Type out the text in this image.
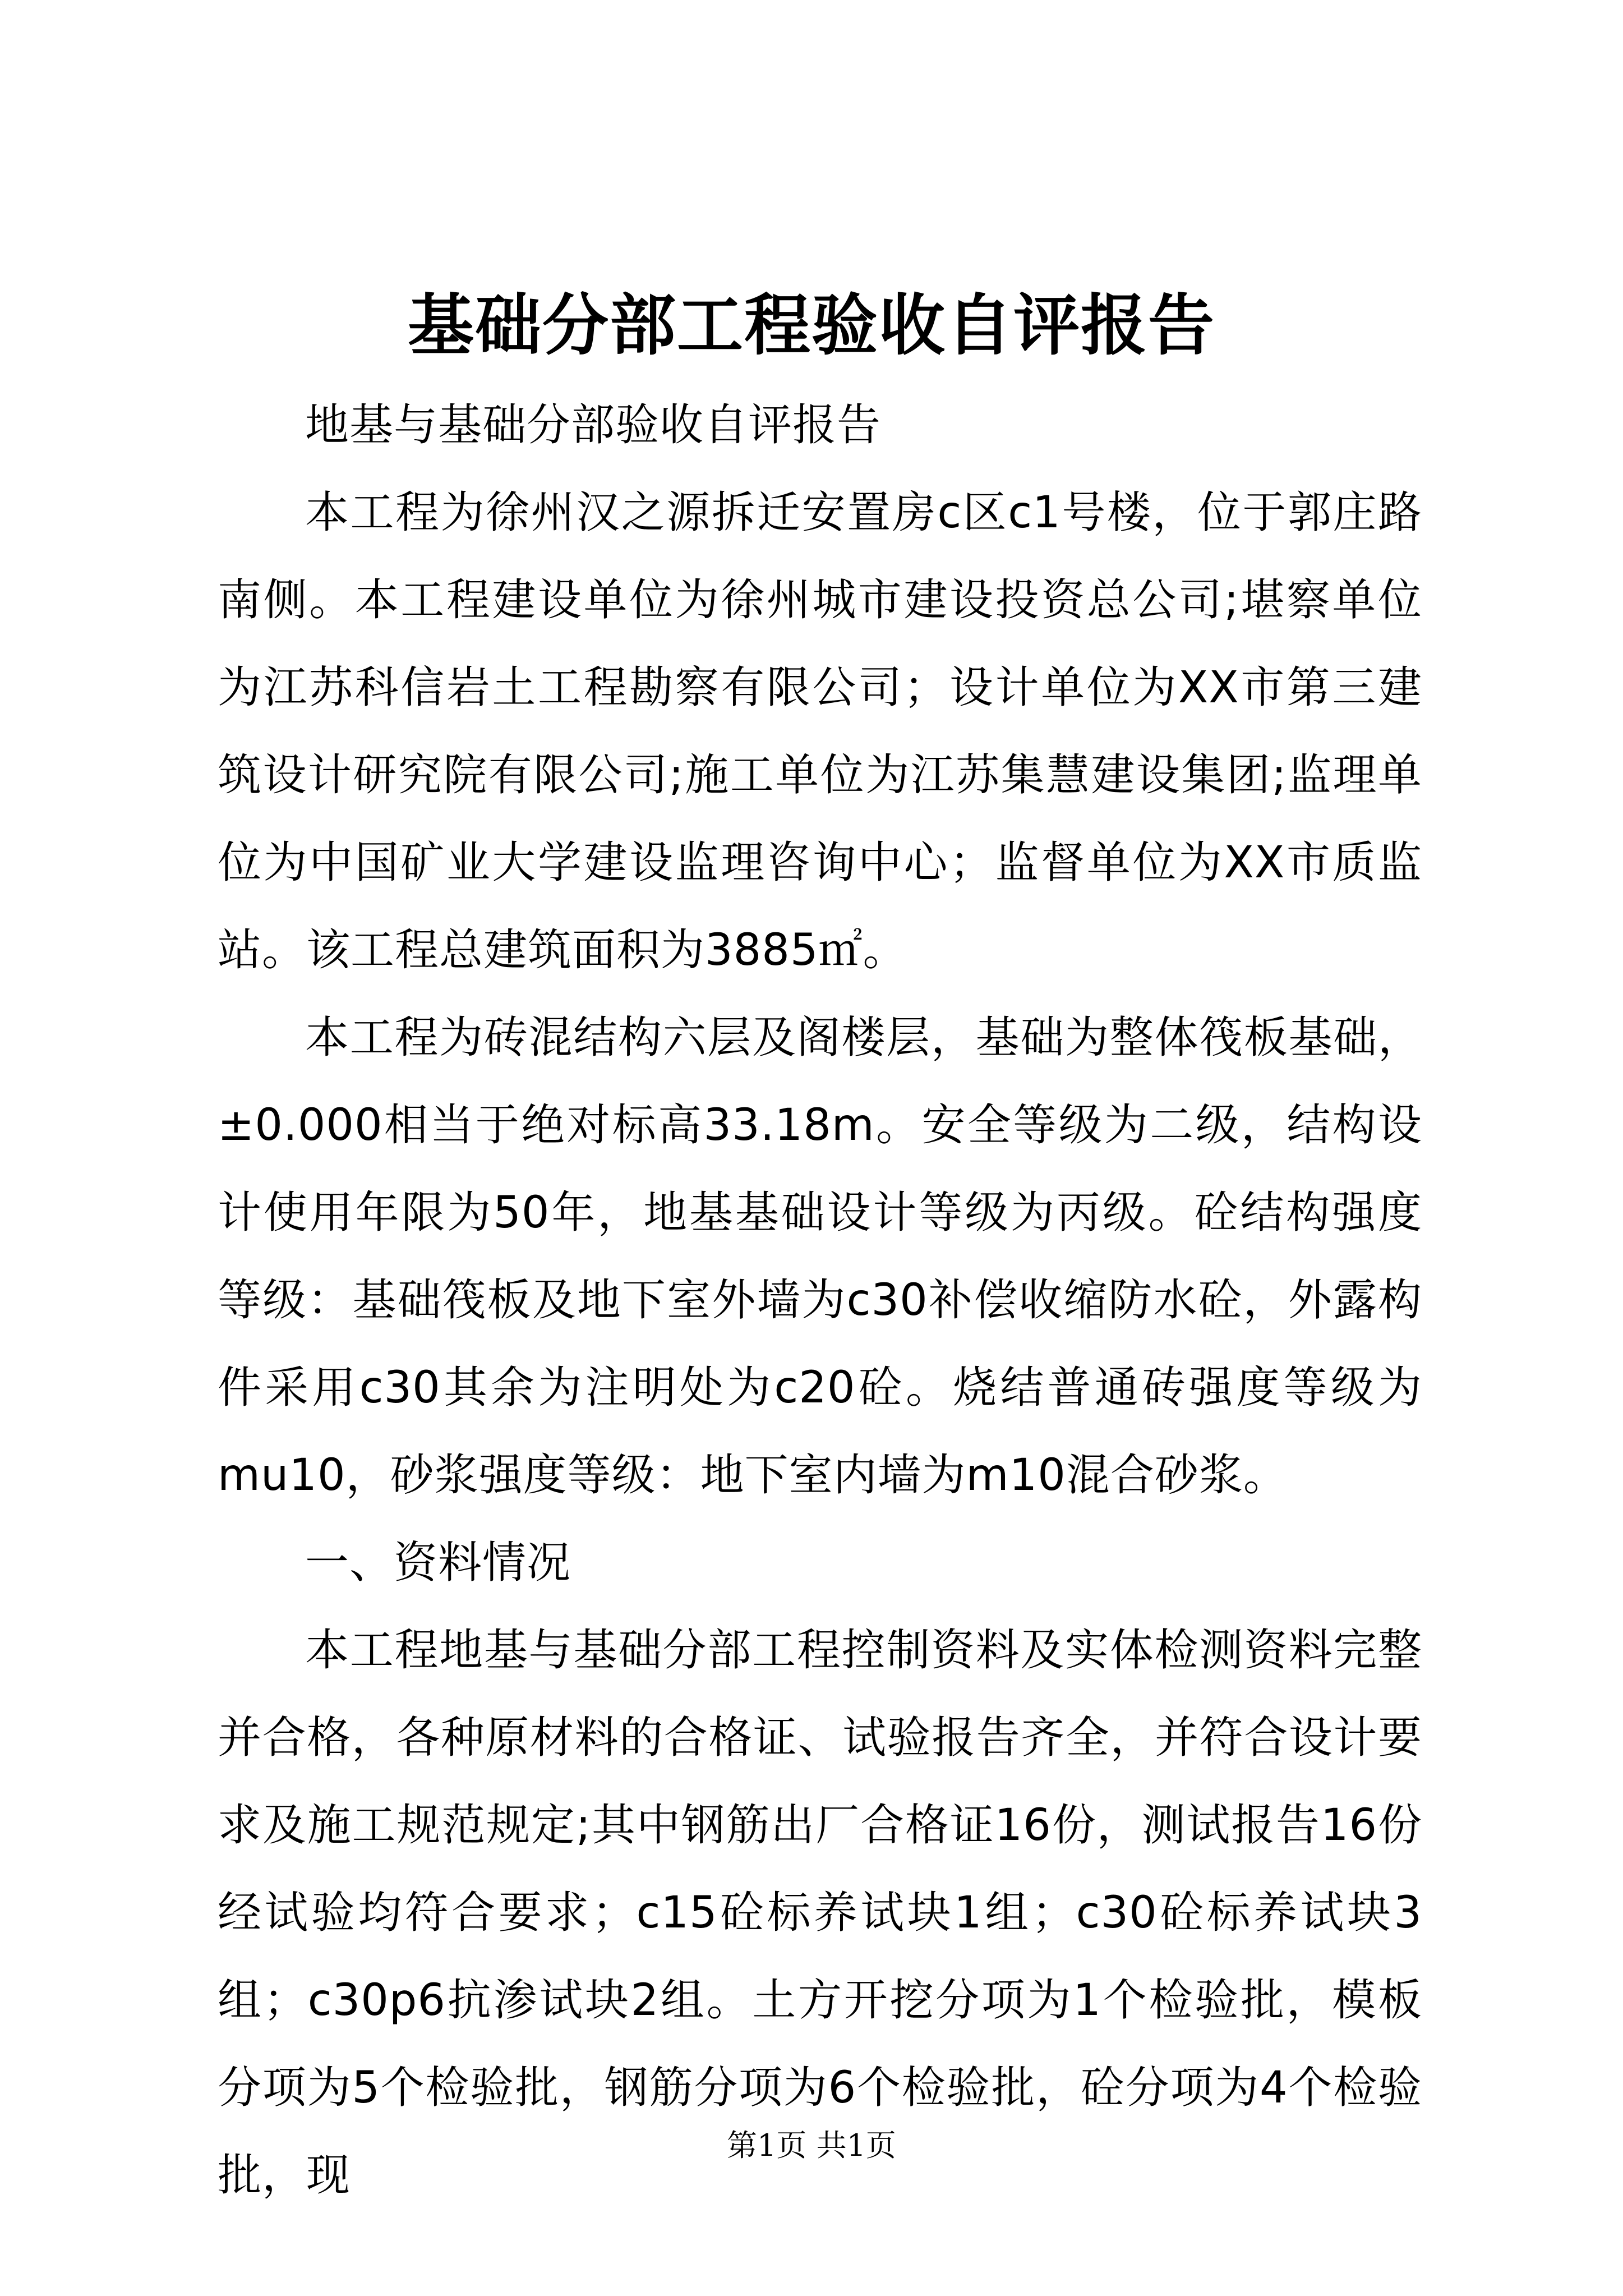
基础分部工程验收自评报告

地基与基础分部验收自评报告

本工程为徐州汉之源拆迁安置房c区c1号楼，位于郭庄路南侧。本工程建设单位为徐州城市建设投资总公司;堪察单位为江苏科信岩土工程勘察有限公司；设计单位为XX市第三建筑设计研究院有限公司;施工单位为江苏集慧建设集团;监理单位为中国矿业大学建设监理咨询中心；监督单位为XX市质监站。该工程总建筑面积为3885㎡。

本工程为砖混结构六层及阁楼层，基础为整体筏板基础，±0.000相当于绝对标高33.18m。安全等级为二级，结构设计使用年限为50年，地基基础设计等级为丙级。砼结构强度等级：基础筏板及地下室外墙为c30补偿收缩防水砼，外露构件采用c30其余为注明处为c20砼。烧结普通砖强度等级为mu10，砂浆强度等级：地下室内墙为m10混合砂浆。

一、资料情况

本工程地基与基础分部工程控制资料及实体检测资料完整并合格，各种原材料的合格证、试验报告齐全，并符合设计要求及施工规范规定;其中钢筋出厂合格证16份，测试报告16份经试验均符合要求；c15砼标养试块1组；c30砼标养试块3组；c30p6抗渗试块2组。土方开挖分项为1个检验批，模板分项为5个检验批，钢筋分项为6个检验批，砼分项为4个检验批，现

第1页 共1页
